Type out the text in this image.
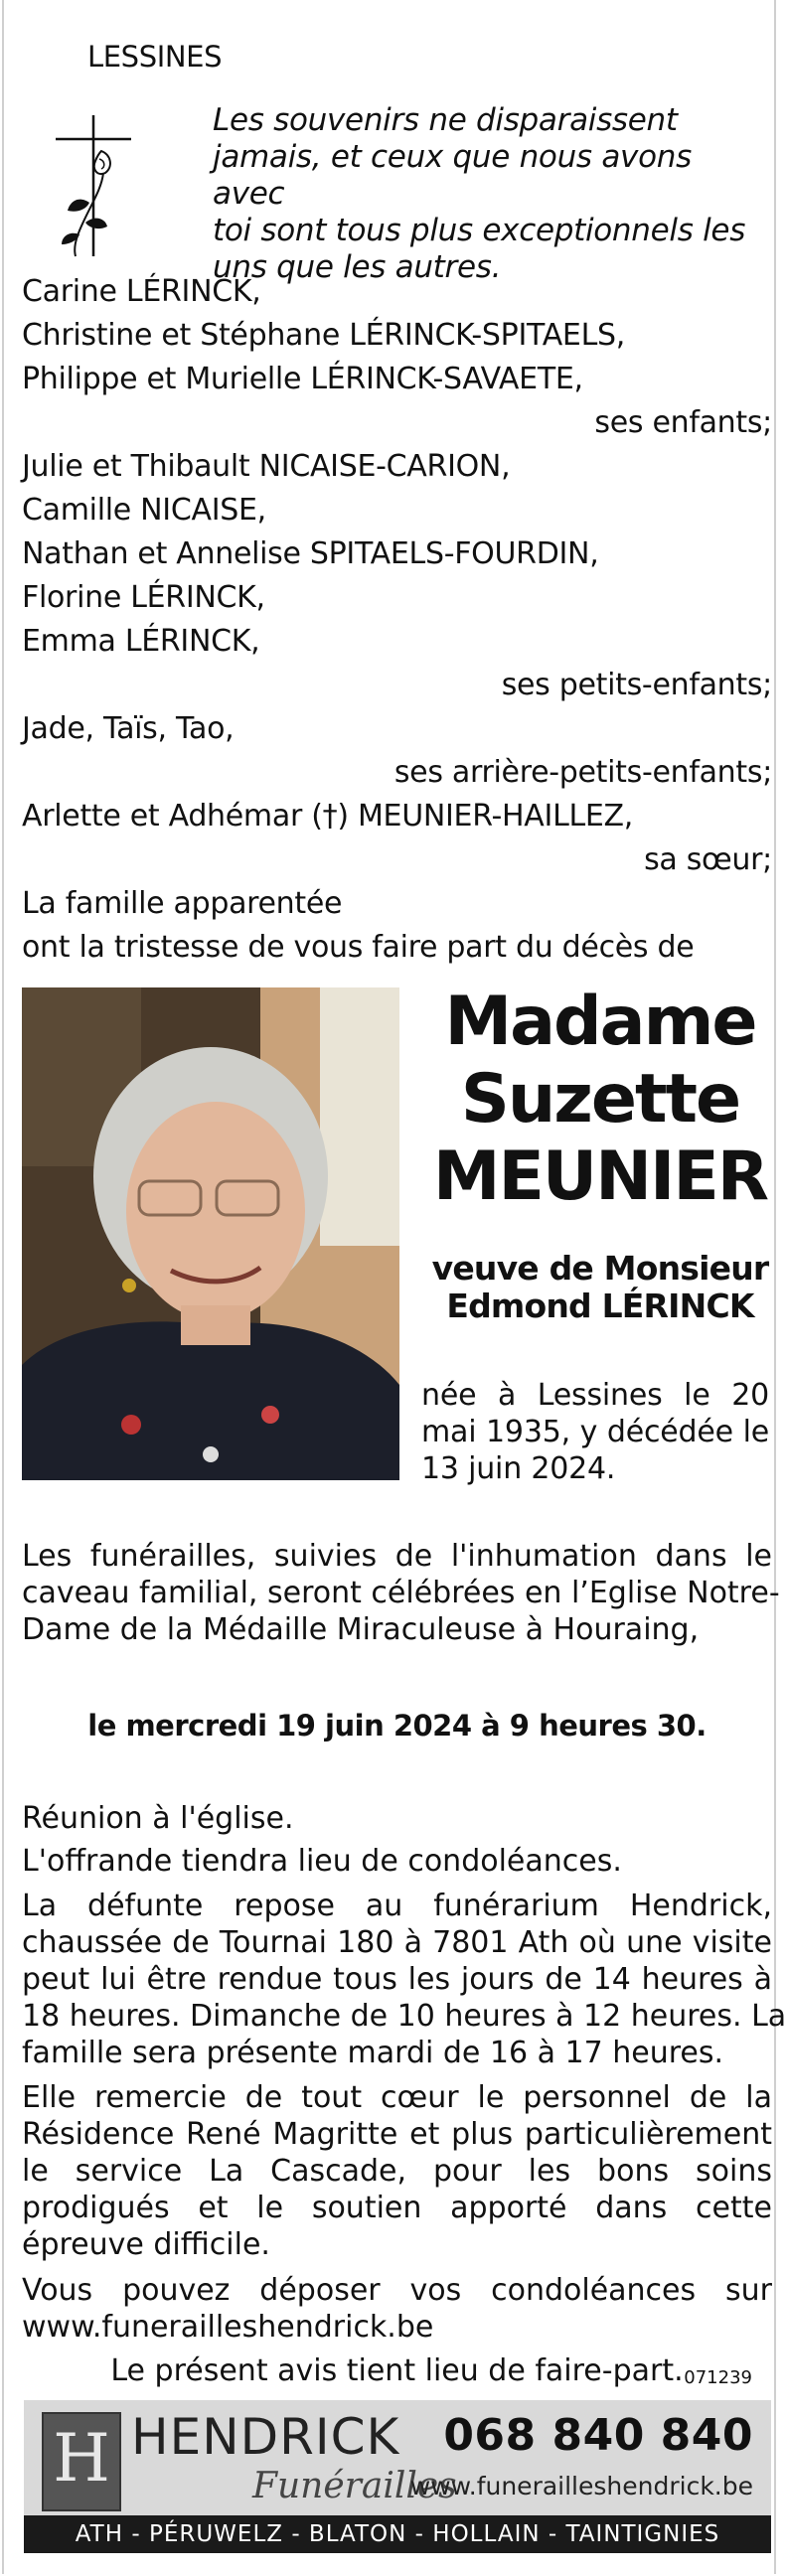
LESSINES
Les souvenirs ne disparaissent
jamais, et ceux que nous avons avec
toi sont tous plus exceptionnels les
uns que les autres.
Carine LÉRINCK,
Christine et Stéphane LÉRINCK-SPITAELS,
Philippe et Murielle LÉRINCK-SAVAETE,
ses enfants;
Julie et Thibault NICAISE-CARION,
Camille NICAISE,
Nathan et Annelise SPITAELS-FOURDIN,
Florine LÉRINCK,
Emma LÉRINCK,
ses petits-enfants;
Jade, Taïs, Tao,
ses arrière-petits-enfants;
Arlette et Adhémar (†) MEUNIER-HAILLEZ,
sa sœur;
La famille apparentée
ont la tristesse de vous faire part du décès de
Madame
Suzette
MEUNIER
veuve de Monsieur
Edmond LÉRINCK
née à Lessines le 20
mai 1935, y décédée le
13 juin 2024.
Les funérailles, suivies de l'inhumation dans le
caveau familial, seront célébrées en l’Eglise Notre-
Dame de la Médaille Miraculeuse à Houraing,
le mercredi 19 juin 2024 à 9 heures 30.
Réunion à l'église.
L'offrande tiendra lieu de condoléances.
La défunte repose au funérarium Hendrick,
chaussée de Tournai 180 à 7801 Ath où une visite
peut lui être rendue tous les jours de 14 heures à
18 heures. Dimanche de 10 heures à 12 heures. La
famille sera présente mardi de 16 à 17 heures.
Elle remercie de tout cœur le personnel de la
Résidence René Magritte et plus particulièrement
le service La Cascade, pour les bons soins
prodigués et le soutien apporté dans cette
épreuve difficile.
Vous pouvez déposer vos condoléances sur
www.funerailleshendrick.be
Le présent avis tient lieu de faire-part. 071239
H HENDRICK
Funérailles
068 840 840
www.funerailleshendrick.be
ATH - PÉRUWELZ - BLATON - HOLLAIN - TAINTIGNIES
